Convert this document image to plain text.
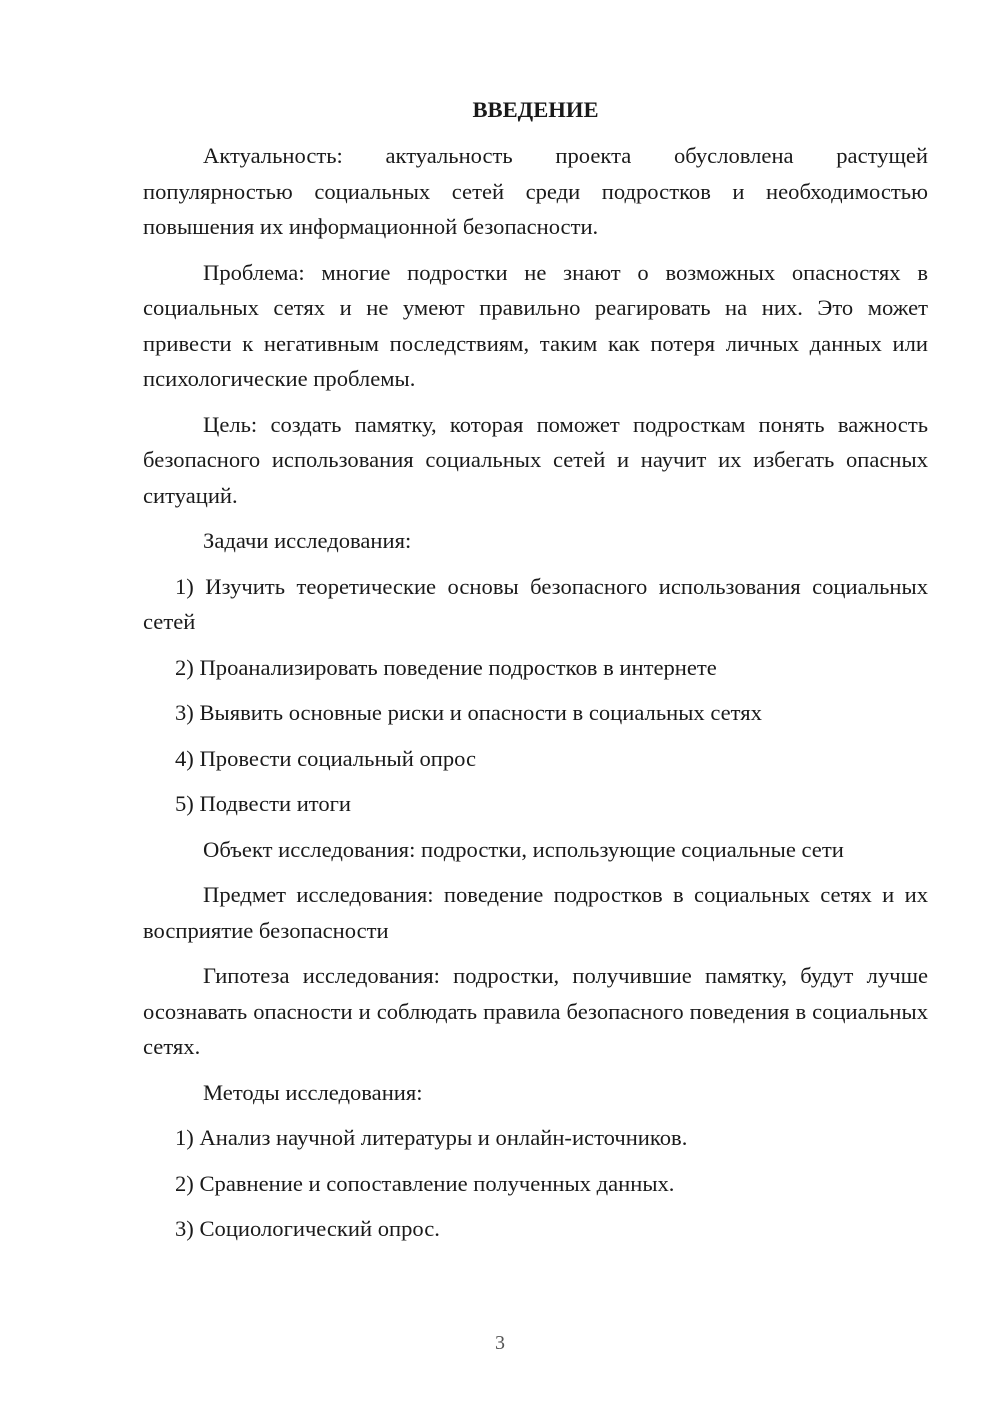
ВВЕДЕНИЕ

Актуальность: актуальность проекта обусловлена растущей популярностью социальных сетей среди подростков и необходимостью повышения их информационной безопасности.

Проблема: многие подростки не знают о возможных опасностях в социальных сетях и не умеют правильно реагировать на них. Это может привести к негативным последствиям, таким как потеря личных данных или психологические проблемы.

Цель: создать памятку, которая поможет подросткам понять важность безопасного использования социальных сетей и научит их избегать опасных ситуаций.

Задачи исследования:

1) Изучить теоретические основы безопасного использования социальных сетей

2) Проанализировать поведение подростков в интернете

3) Выявить основные риски и опасности в социальных сетях

4) Провести социальный опрос

5) Подвести итоги

Объект исследования: подростки, использующие социальные сети

Предмет исследования: поведение подростков в социальных сетях и их восприятие безопасности

Гипотеза исследования: подростки, получившие памятку, будут лучше осознавать опасности и соблюдать правила безопасного поведения в социальных сетях.

Методы исследования:

1) Анализ научной литературы и онлайн-источников.

2) Сравнение и сопоставление полученных данных.

3) Социологический опрос.

3
